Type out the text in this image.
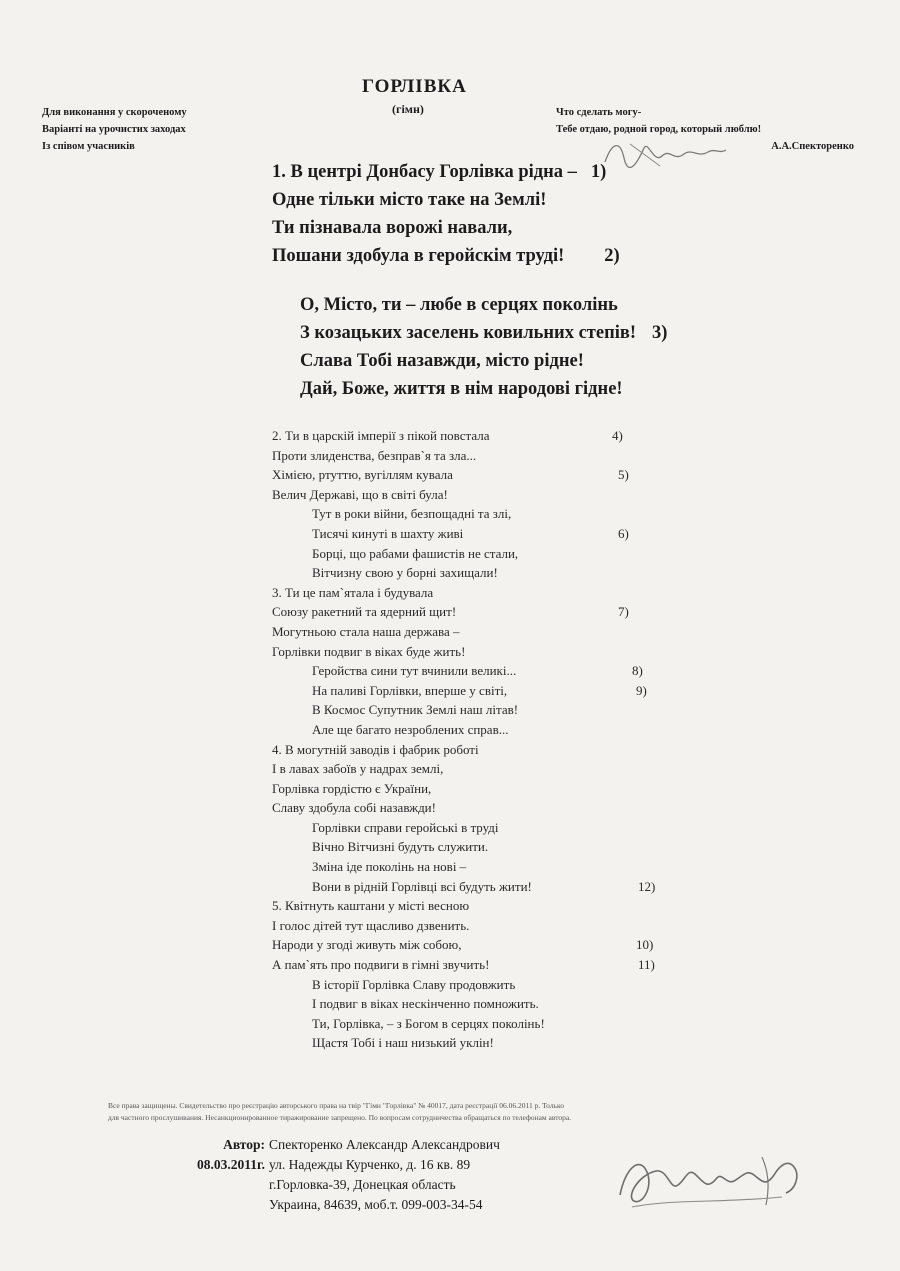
ГОРЛІВКА
(гімн)
Для виконання у скороченому
Варіанті на урочистих заходах
Із співом учасників
Что сделать могу-
Тебе отдаю, родной город, который люблю!
А.А.Спекторенко
1. В центрі Донбасу Горлівка рідна – 1)
Одне тільки місто таке на Землі!
Ти пізнавала ворожі навали,
Пошани здобула в геройскім труді! 2)
О, Місто, ти – любе в серцях поколінь
З козацьких заселень ковильних степів! 3)
Слава Тобі назавжди, місто рідне!
Дай, Боже, життя в нім народові гідне!
2. Ти в царскій імперії з пікой повстала	4)
Проти злиденства, безправ`я та зла...
Хімією, ртуттю, вугіллям кувала	5)
Велич Державі, що в світі була!
Тут в роки війни, безпощадні та злі,
Тисячі кинуті в шахту живі	6)
Борці, що рабами фашистів не стали,
Вітчизну свою у борні захищали!
3. Ти це пам`ятала і будувала
Союзу ракетний та ядерний щит!	7)
Могутньою стала наша держава –
Горлівки подвиг в віках буде жить!
Геройства сини тут вчинили великі...	8)
На паливі Горлівки, вперше у світі,	9)
В Космос Супутник Землі наш літав!
Але ще багато незроблених справ...
4. В могутній заводів і фабрик роботі
І в лавах забоїв у надрах землі,
Горлівка гордістю є України,
Славу здобула собі назавжди!
Горлівки справи геройські в труді
Вічно Вітчизні будуть служити.
Зміна іде поколінь на нові –
Вони в рідній Горлівці всі будуть жити!	12)
5. Квітнуть каштани у місті весною
І голос дітей тут щасливо дзвенить.
Народи у згоді живуть між собою,	10)
А пам`ять про подвиги в гімні звучить!	11)
В історії Горлівка Славу продовжить
І подвиг в віках нескінченно помножить.
Ти, Горлівка, – з Богом в серцях поколінь!
Щастя Тобі і наш низький уклін!
Все права защищены. Свидетельство про реєстрацію авторського права на твір "Гімн "Горлівка" № 40017, дата реєстрації 06.06.2011 р. Только
для частного прослушивания. Несанкционированное тиражирование запрещено. По вопросам сотрудничества обращаться по телефонам автора.
Автор: Спекторенко Александр Александрович
08.03.2011г. ул. Надежды Курченко, д. 16 кв. 89
г.Горловка-39, Донецкая область
Украина, 84639, моб.т. 099-003-34-54
